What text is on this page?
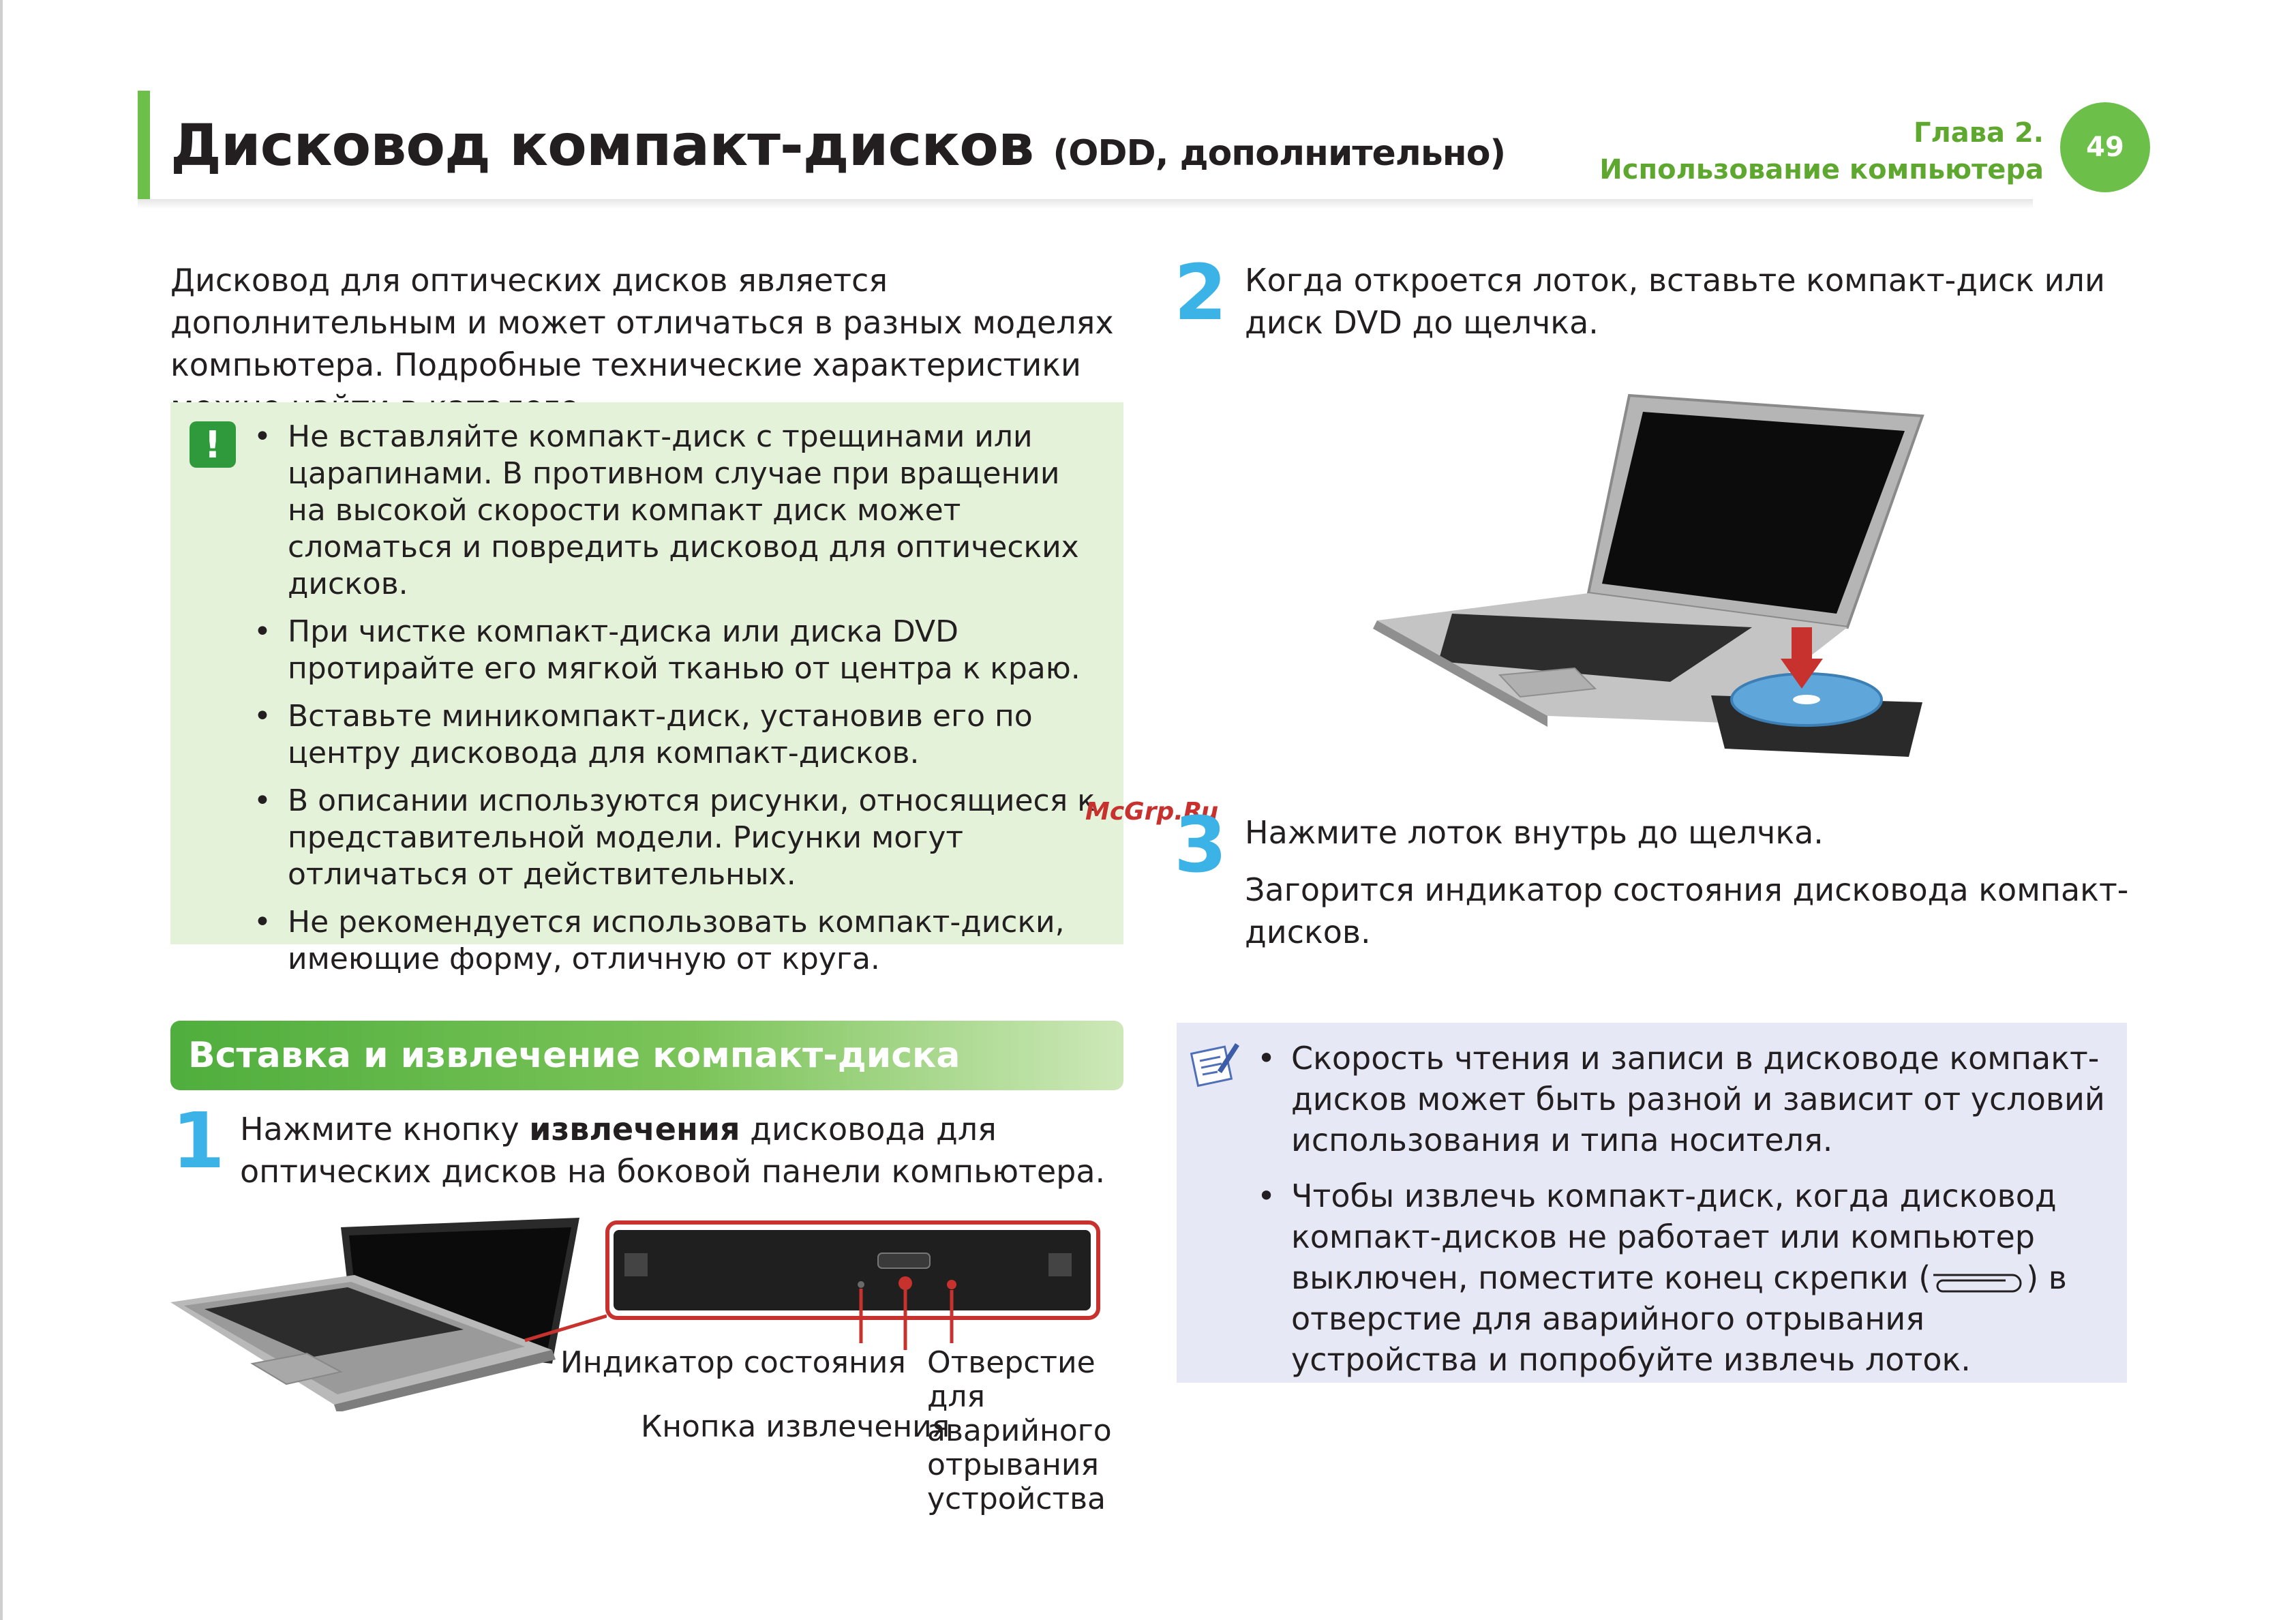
Дисковод компакт-дисков (ODD, дополнительно)	Глава 2.
Использование компьютера
49
Дисковод для оптических дисков является дополнительным и может отличаться в разных моделях компьютера. Подробные технические характеристики
!
•	Не вставляйте компакт-диск с трещинами или царапинами. В противном случае при вращении на высокой скорости компакт диск может сломаться и повредить дисковод для оптических дисков.
• При чистке компакт-диска или диска DVD протирайте его мягкой тканью от центра к краю.
• Вставьте миникомпакт-диск, установив его по центру дисковода для компакт-дисков.
• В описании используются рисунки, относящиеся к представительной модели. Рисунки могут отличаться от действительных.
• Не рекомендуется использовать компакт-диски, имеющие форму, отличную от круга.
Вставка и извлечение компакт-диска
1 Нажмите кнопку извлечения дисковода для оптических дисков на боковой панели компьютера.
Индикатор состояния
Кнопка извлечения
Отверстие для аварийного отрывания устройства
2 Когда откроется лоток, вставьте компакт-диск или диск DVD до щелчка.
McGrp.Ru
3 Нажмите лоток внутрь до щелчка.
Загорится индикатор состояния дисковода компакт-дисков.
• Скорость чтения и записи в дисководе компакт-дисков может быть разной и зависит от условий использования и типа носителя.
• Чтобы извлечь компакт-диск, когда дисковод компакт-дисков не работает или компьютер выключен, поместите конец скрепки (	) в отверстие для аварийного отрывания устройства и попробуйте извлечь лоток.
